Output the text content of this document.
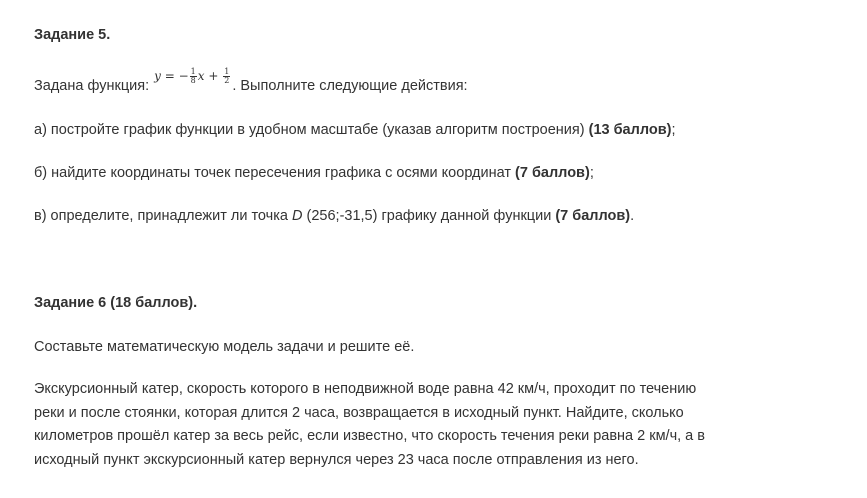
Задание 5.
Задана функция: y = − $\frac{1}{8}$ $x + \frac{1}{2}$
. Выполните следующие действия:
а) постройте график функции в удобном масштабе (указав алгоритм построения) (13 баллов);
б) найдите координаты точек пересечения графика с осями координат (7 баллов);
в) определите, принадлежит ли точка D (256;-31,5) графику данной функции (7 баллов).
Задание 6 (18 баллов).
Составьте математическую модель задачи и решите её.
Экскурсионный катер, скорость которого в неподвижной воде равна 42 км/ч, проходит по течению
реки и после стоянки, которая длится 2 часа, возвращается в исходный пункт. Найдите, сколько
километров прошёл катер за весь рейс, если известно, что скорость течения реки равна 2 км/ч, а в
исходный пункт экскурсионный катер вернулся через 23 часа после отправления из него.
